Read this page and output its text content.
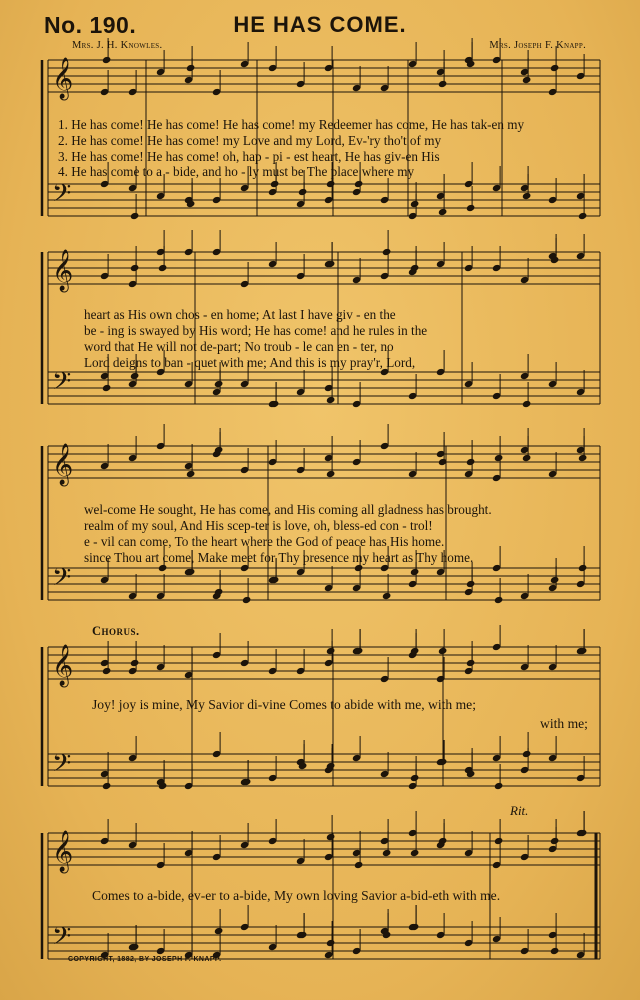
No. 190.	HE HAS COME.
Mrs. J. H. Knowles.	Mrs. Joseph F. Knapp.
𝄞
𝄢
𝄞
𝄢
𝄞
𝄢
𝄞
𝄢
𝄞
𝄢
1. He has come! He has come! He has come! my Redeemer has come, He has tak-en my
2. He has come! He has come! my Love and my Lord, Ev-'ry tho't of my
3. He has come! He has come! oh, hap - pi - est heart, He has giv-en His
4. He has come to a - bide, and ho - ly must be The place where my
heart as His own chos - en home; At last I have giv - en the
be - ing is swayed by His word; He has come! and he rules in the
word that He will not de-part; No troub - le can en - ter, no
Lord deigns to ban - quet with me; And this is my pray'r, Lord,
wel-come He sought, He has come, and His coming all gladness has brought.
realm of my soul, And His scep-ter is love, oh, bless-ed con - trol!
e - vil can come, To the heart where the God of peace has His home.
since Thou art come, Make meet for Thy presence my heart as Thy home.
Chorus.
Joy! joy is mine, My Savior di-vine Comes to abide with me, with me;
with me;
Rit.
Comes to a-bide, ev-er to a-bide, My own loving Savior a-bid-eth with me.
COPYRIGHT, 1882, BY JOSEPH F. KNAPP.
